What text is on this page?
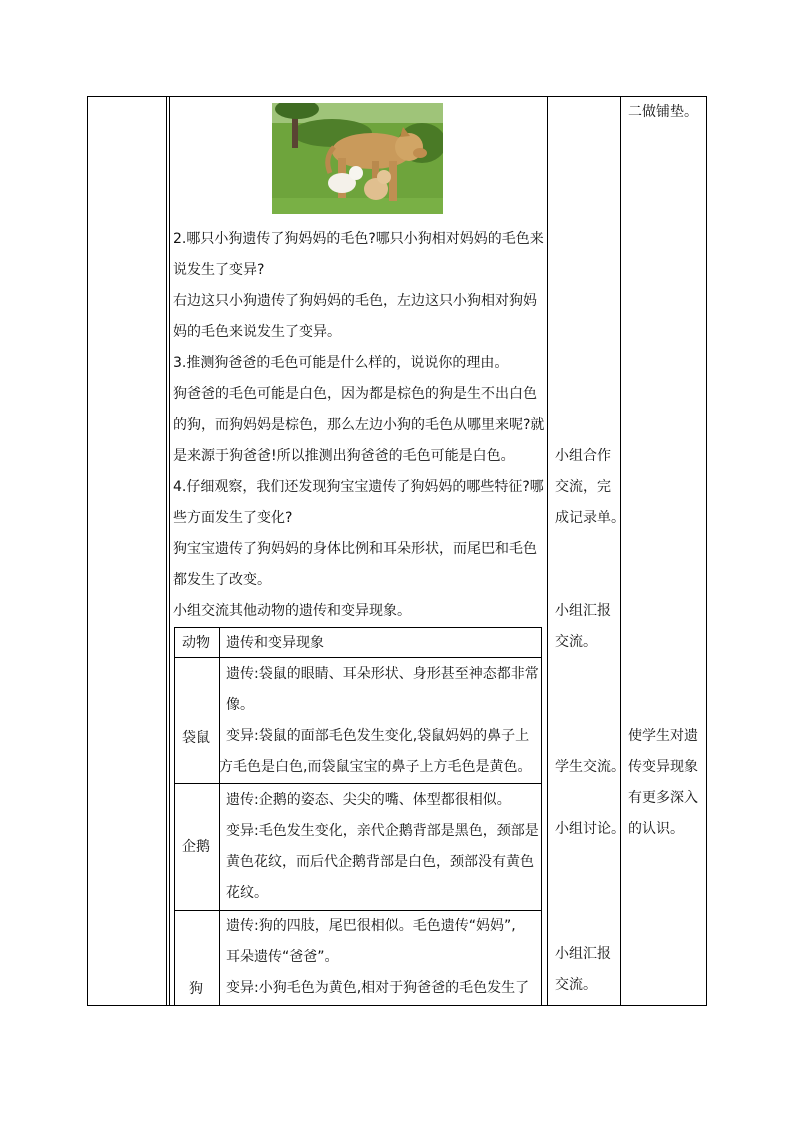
二做铺垫。
2.哪只小狗遗传了狗妈妈的毛色?哪只小狗相对妈妈的毛色来
说发生了变异?
右边这只小狗遗传了狗妈妈的毛色，左边这只小狗相对狗妈
妈的毛色来说发生了变异。
3.推测狗爸爸的毛色可能是什么样的，说说你的理由。
狗爸爸的毛色可能是白色，因为都是棕色的狗是生不出白色
的狗，而狗妈妈是棕色，那么左边小狗的毛色从哪里来呢?就
是来源于狗爸爸!所以推测出狗爸爸的毛色可能是白色。
4.仔细观察，我们还发现狗宝宝遗传了狗妈妈的哪些特征?哪
些方面发生了变化?
狗宝宝遗传了狗妈妈的身体比例和耳朵形状，而尾巴和毛色
都发生了改变。
小组交流其他动物的遗传和变异现象。
小组合作
交流，完
成记录单。
小组汇报
交流。
学生交流。
小组讨论。
小组汇报
交流。
使学生对遗
传变异现象
有更多深入
的认识。
动物 遗传和变异现象
袋鼠
遗传:袋鼠的眼睛、耳朵形状、身形甚至神态都非常
像。
变异:袋鼠的面部毛色发生变化,袋鼠妈妈的鼻子上
方毛色是白色,而袋鼠宝宝的鼻子上方毛色是黄色。
企鹅
遗传:企鹅的姿态、尖尖的嘴、体型都很相似。
变异:毛色发生变化，亲代企鹅背部是黑色，颈部是
黄色花纹，而后代企鹅背部是白色，颈部没有黄色
花纹。
狗
遗传:狗的四肢，尾巴很相似。毛色遗传“妈妈”,
耳朵遗传“爸爸”。
变异:小狗毛色为黄色,相对于狗爸爸的毛色发生了
